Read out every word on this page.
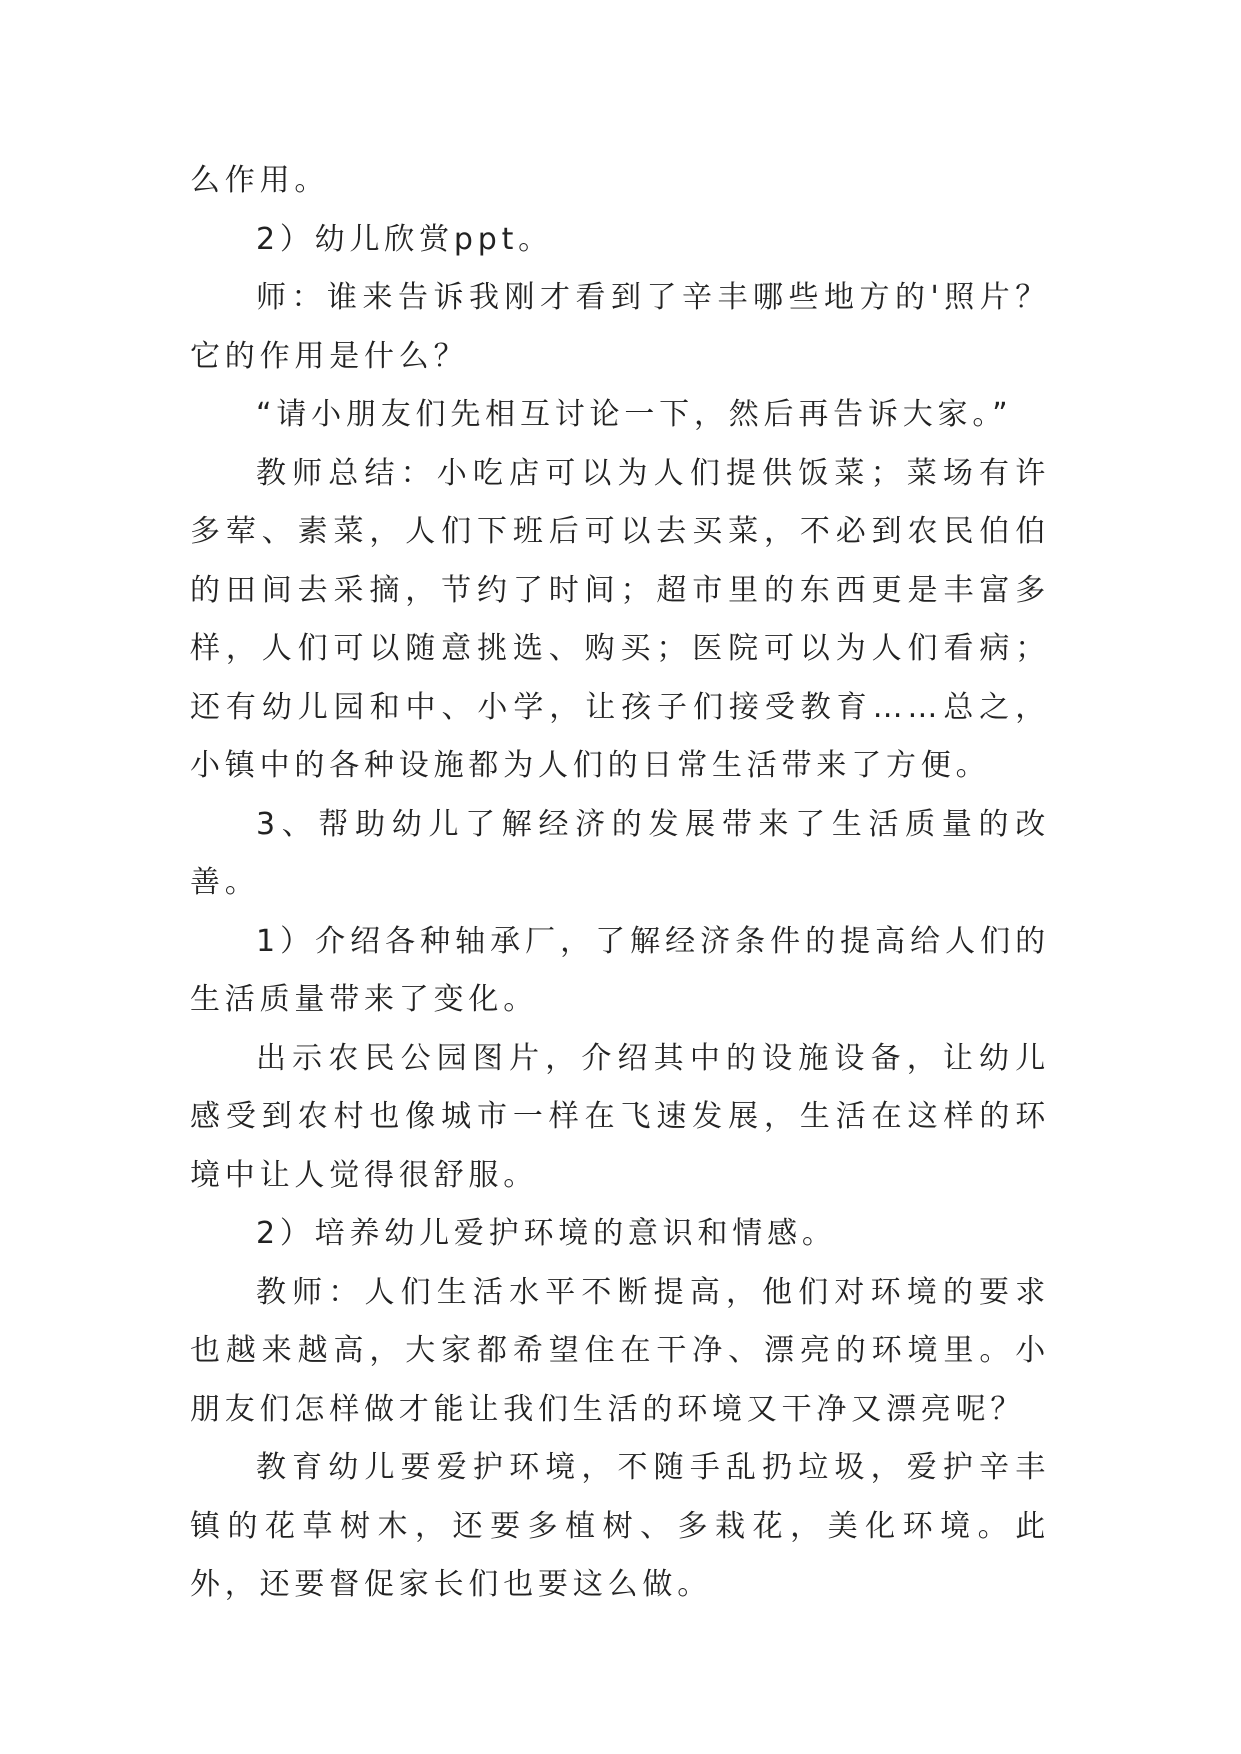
么作用。

2）幼儿欣赏ppt。

师：谁来告诉我刚才看到了辛丰哪些地方的'照片？它的作用是什么？

“请小朋友们先相互讨论一下，然后再告诉大家。”

教师总结：小吃店可以为人们提供饭菜；菜场有许多荤、素菜，人们下班后可以去买菜，不必到农民伯伯的田间去采摘，节约了时间；超市里的东西更是丰富多样，人们可以随意挑选、购买；医院可以为人们看病；还有幼儿园和中、小学，让孩子们接受教育……总之，小镇中的各种设施都为人们的日常生活带来了方便。

3、帮助幼儿了解经济的发展带来了生活质量的改善。

1）介绍各种轴承厂，了解经济条件的提高给人们的生活质量带来了变化。

出示农民公园图片，介绍其中的设施设备，让幼儿感受到农村也像城市一样在飞速发展，生活在这样的环境中让人觉得很舒服。

2）培养幼儿爱护环境的意识和情感。

教师：人们生活水平不断提高，他们对环境的要求也越来越高，大家都希望住在干净、漂亮的环境里。小朋友们怎样做才能让我们生活的环境又干净又漂亮呢？

教育幼儿要爱护环境，不随手乱扔垃圾，爱护辛丰镇的花草树木，还要多植树、多栽花，美化环境。此外，还要督促家长们也要这么做。
